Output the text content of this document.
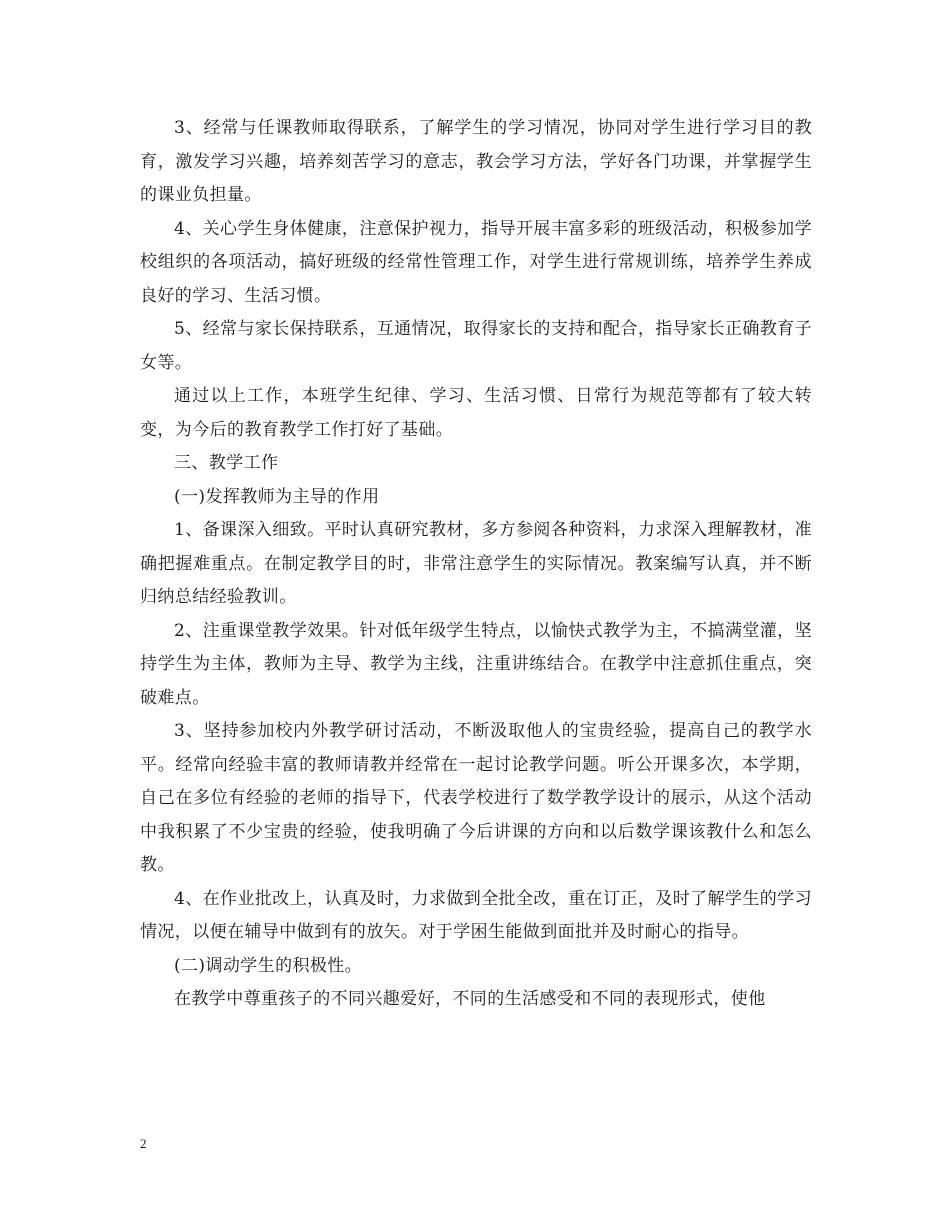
3、经常与任课教师取得联系，了解学生的学习情况，协同对学生进行学习目的教育，激发学习兴趣，培养刻苦学习的意志，教会学习方法，学好各门功课，并掌握学生的课业负担量。

4、关心学生身体健康，注意保护视力，指导开展丰富多彩的班级活动，积极参加学校组织的各项活动，搞好班级的经常性管理工作，对学生进行常规训练，培养学生养成良好的学习、生活习惯。

5、经常与家长保持联系，互通情况，取得家长的支持和配合，指导家长正确教育子女等。

通过以上工作，本班学生纪律、学习、生活习惯、日常行为规范等都有了较大转变，为今后的教育教学工作打好了基础。

三、教学工作

(一)发挥教师为主导的作用

1、备课深入细致。平时认真研究教材，多方参阅各种资料，力求深入理解教材，准确把握难重点。在制定教学目的时，非常注意学生的实际情况。教案编写认真，并不断归纳总结经验教训。

2、注重课堂教学效果。针对低年级学生特点，以愉快式教学为主，不搞满堂灌，坚持学生为主体，教师为主导、教学为主线，注重讲练结合。在教学中注意抓住重点，突破难点。

3、坚持参加校内外教学研讨活动，不断汲取他人的宝贵经验，提高自己的教学水平。经常向经验丰富的教师请教并经常在一起讨论教学问题。听公开课多次，本学期，自己在多位有经验的老师的指导下，代表学校进行了数学教学设计的展示，从这个活动中我积累了不少宝贵的经验，使我明确了今后讲课的方向和以后数学课该教什么和怎么教。

4、在作业批改上，认真及时，力求做到全批全改，重在订正，及时了解学生的学习情况，以便在辅导中做到有的放矢。对于学困生能做到面批并及时耐心的指导。

(二)调动学生的积极性。

在教学中尊重孩子的不同兴趣爱好，不同的生活感受和不同的表现形式，使他

2
